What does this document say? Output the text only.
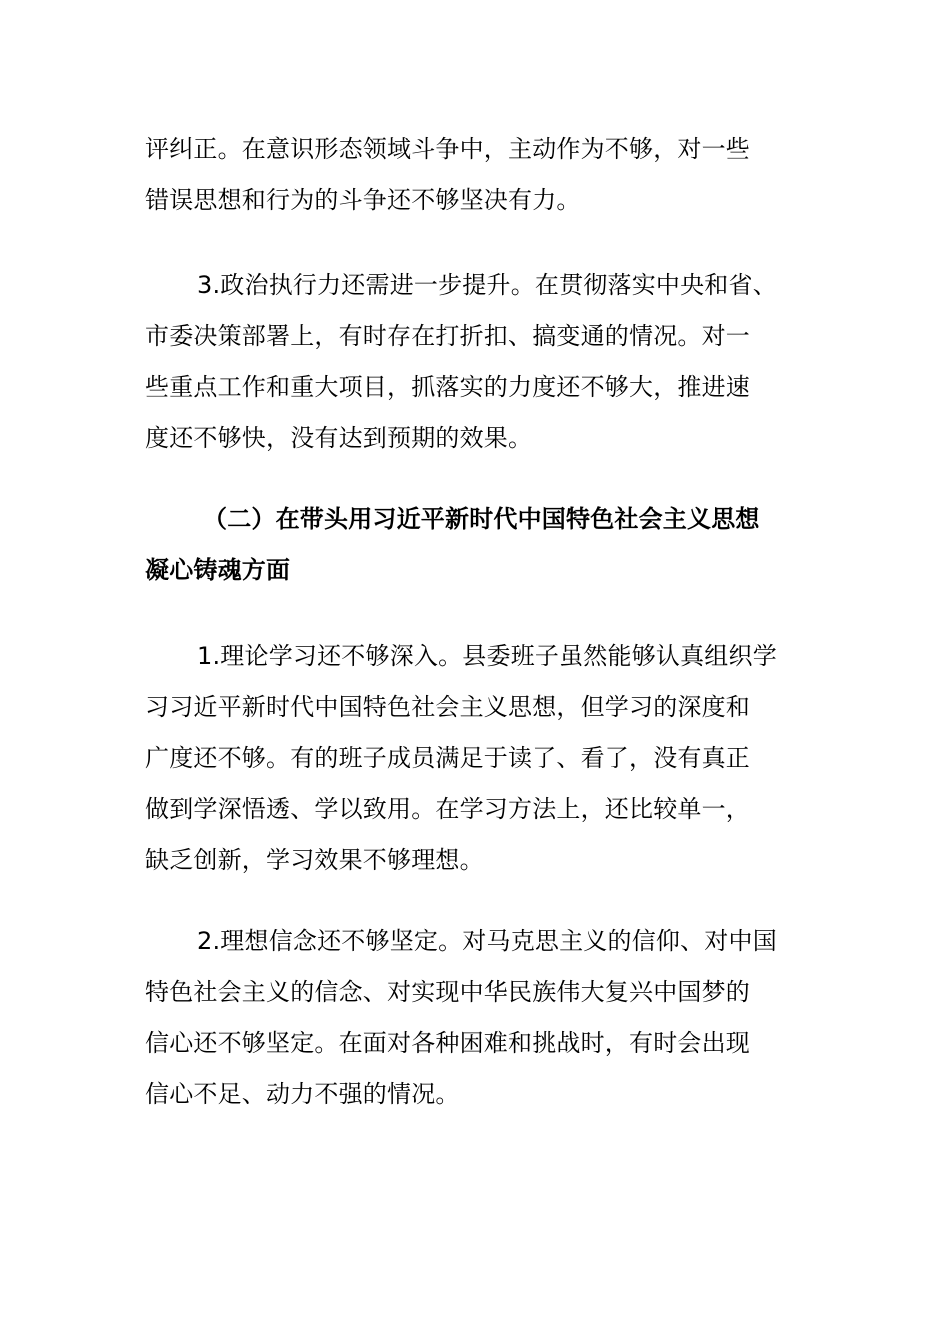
评纠正。在意识形态领域斗争中，主动作为不够，对一些
错误思想和行为的斗争还不够坚决有力。
3.政治执行力还需进一步提升。在贯彻落实中央和省、
市委决策部署上，有时存在打折扣、搞变通的情况。对一
些重点工作和重大项目，抓落实的力度还不够大，推进速
度还不够快，没有达到预期的效果。
（二）在带头用习近平新时代中国特色社会主义思想
凝心铸魂方面
1.理论学习还不够深入。县委班子虽然能够认真组织学
习习近平新时代中国特色社会主义思想，但学习的深度和
广度还不够。有的班子成员满足于读了、看了，没有真正
做到学深悟透、学以致用。在学习方法上，还比较单一，
缺乏创新，学习效果不够理想。
2.理想信念还不够坚定。对马克思主义的信仰、对中国
特色社会主义的信念、对实现中华民族伟大复兴中国梦的
信心还不够坚定。在面对各种困难和挑战时，有时会出现
信心不足、动力不强的情况。
